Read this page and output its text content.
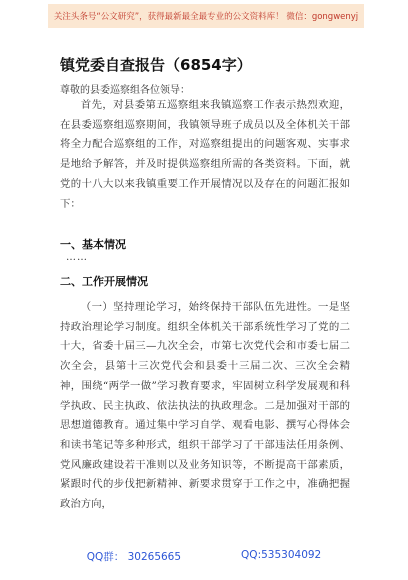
关注头条号“公文研究”，获得最新最全最专业的公文资料库！ 微信：gongwenyj
镇党委自查报告（6854字）
尊敬的县委巡察组各位领导：

首先，对县委第五巡察组来我镇巡察工作表示热烈欢迎，在县委巡察组巡察期间，我镇领导班子成员以及全体机关干部将全力配合巡察组的工作，对巡察组提出的问题客观、实事求是地给予解答，并及时提供巡察组所需的各类资料。下面，就党的十八大以来我镇重要工作开展情况以及存在的问题汇报如下：

一、基本情况
……
二、工作开展情况

（一）坚持理论学习，始终保持干部队伍先进性。一是坚持政治理论学习制度。组织全体机关干部系统性学习了党的二十大，省委十届三—九次全会，市第七次党代会和市委七届二次全会，县第十三次党代会和县委十三届二次、三次全会精神，围绕“两学一做”学习教育要求，牢固树立科学发展观和科学执政、民主执政、依法执法的执政理念。二是加强对干部的思想道德教育。通过集中学习自学、观看电影、撰写心得体会和读书笔记等多种形式，组织干部学习了干部违法任用条例、党风廉政建设若干准则以及业务知识等，不断提高干部素质，紧跟时代的步伐把新精神、新要求贯穿于工作之中，准确把握政治方向，

QQ群： 30265665	QQ:535304092
